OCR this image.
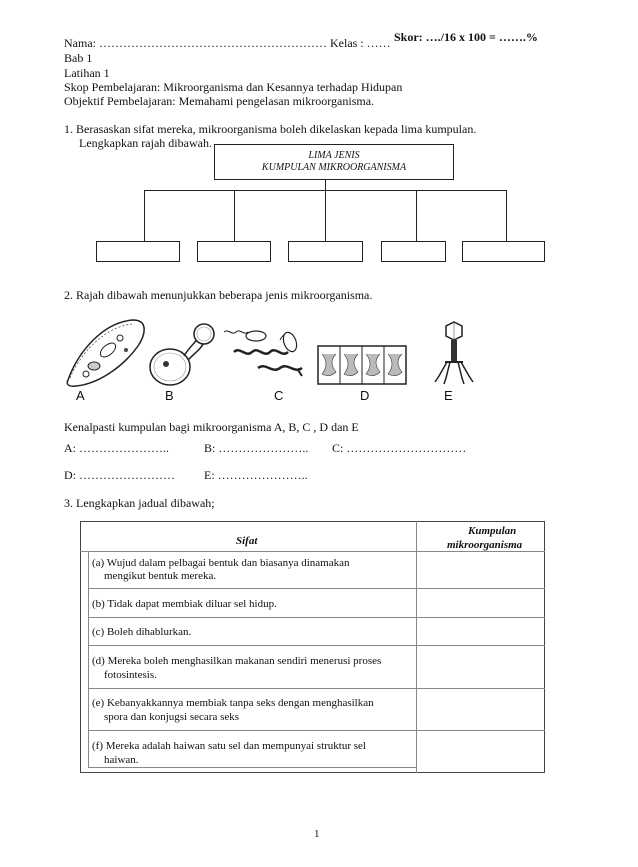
Nama: ………………………………………………… Kelas : …… Skor: …./16 x 100 = …….%
Bab 1
Latihan 1
Skop Pembelajaran: Mikroorganisma dan Kesannya terhadap Hidupan
Objektif Pembelajaran: Memahami pengelasan mikroorganisma.
1. Berasaskan sifat mereka, mikroorganisma boleh dikelaskan kepada lima kumpulan.
Lengkapkan rajah dibawah.
LIMA JENIS
KUMPULAN MIKROORGANISMA
2. Rajah dibawah menunjukkan beberapa jenis mikroorganisma.
A	B	C	D	E
Kenalpasti kumpulan bagi mikroorganisma A, B, C , D dan E
A: …………………..	B: ………………….. C: …………………………
D: …………………… E: …………………..
3. Lengkapkan jadual dibawah;
Sifat
Kumpulan
mikroorganisma
(a) Wujud dalam pelbagai bentuk dan biasanya dinamakan
mengikut bentuk mereka.
(b) Tidak dapat membiak diluar sel hidup.
(c) Boleh dihablurkan.
(d) Mereka boleh menghasilkan makanan sendiri menerusi proses
fotosintesis.
(e) Kebanyakkannya membiak tanpa seks dengan menghasilkan
spora dan konjugsi secara seks
(f) Mereka adalah haiwan satu sel dan mempunyai struktur sel
haiwan.
1
